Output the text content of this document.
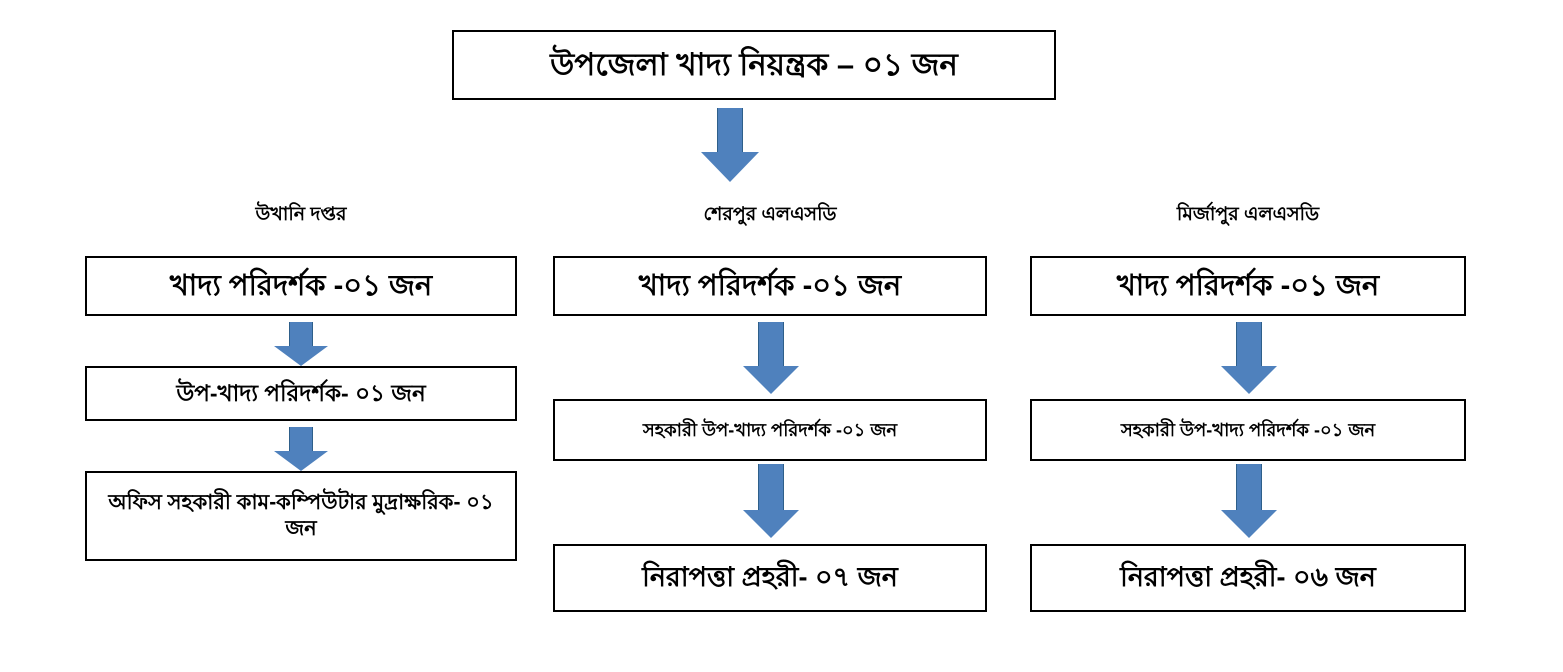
উপজেলা খাদ্য নিয়ন্ত্রক – ০১ জন
উখানি দপ্তর
খাদ্য পরিদর্শক -০১ জন
উপ-খাদ্য পরিদর্শক- ০১ জন
অফিস সহকারী কাম-কম্পিউটার মুদ্রাক্ষরিক- ০১ জন
শেরপুর এলএসডি
খাদ্য পরিদর্শক -০১ জন
সহকারী উপ-খাদ্য পরিদর্শক -০১ জন
নিরাপত্তা প্রহরী- ০৭ জন
মির্জাপুর এলএসডি
খাদ্য পরিদর্শক -০১ জন
সহকারী উপ-খাদ্য পরিদর্শক -০১ জন
নিরাপত্তা প্রহরী- ০৬ জন
